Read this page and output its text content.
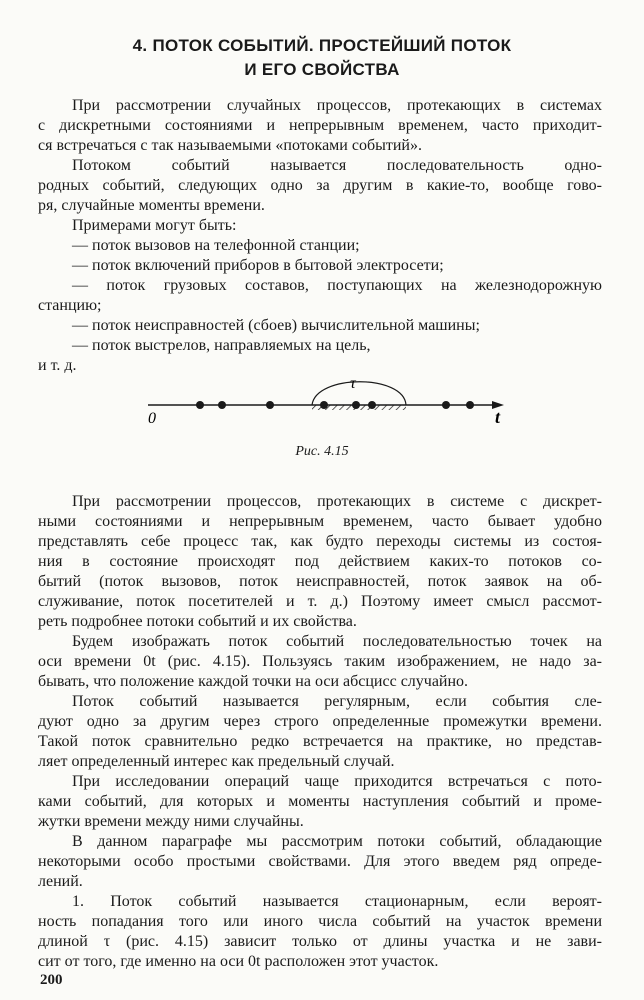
4. ПОТОК СОБЫТИЙ. ПРОСТЕЙШИЙ ПОТОК
И ЕГО СВОЙСТВА
При рассмотрении случайных процессов, протекающих в системах
с дискретными состояниями и непрерывным временем, часто приходит-
ся встречаться с так называемыми «потоками событий».
Потоком событий называется последовательность одно-
родных событий, следующих одно за другим в какие-то, вообще гово-
ря, случайные моменты времени.
Примерами могут быть:
— поток вызовов на телефонной станции;
— поток включений приборов в бытовой электросети;
— поток грузовых составов, поступающих на железнодорожную
станцию;
— поток неисправностей (сбоев) вычислительной машины;
— поток выстрелов, направляемых на цель,
и т. д.
0	t
τ
Рис. 4.15
При рассмотрении процессов, протекающих в системе с дискрет-
ными состояниями и непрерывным временем, часто бывает удобно
представлять себе процесс так, как будто переходы системы из состоя-
ния в состояние происходят под действием каких-то потоков со-
бытий (поток вызовов, поток неисправностей, поток заявок на об-
служивание, поток посетителей и т. д.) Поэтому имеет смысл рассмот-
реть подробнее потоки событий и их свойства.
Будем изображать поток событий последовательностью точек на
оси времени 0t (рис. 4.15). Пользуясь таким изображением, не надо за-
бывать, что положение каждой точки на оси абсцисс случайно.
Поток событий называется регулярным, если события сле-
дуют одно за другим через строго определенные промежутки времени.
Такой поток сравнительно редко встречается на практике, но представ-
ляет определенный интерес как предельный случай.
При исследовании операций чаще приходится встречаться с пото-
ками событий, для которых и моменты наступления событий и проме-
жутки времени между ними случайны.
В данном параграфе мы рассмотрим потоки событий, обладающие
некоторыми особо простыми свойствами. Для этого введем ряд опреде-
лений.
1. Поток событий называется стационарным, если вероят-
ность попадания того или иного числа событий на участок времени
длиной τ (рис. 4.15) зависит только от длины участка и не зави-
сит от того, где именно на оси 0t расположен этот участок.
200
